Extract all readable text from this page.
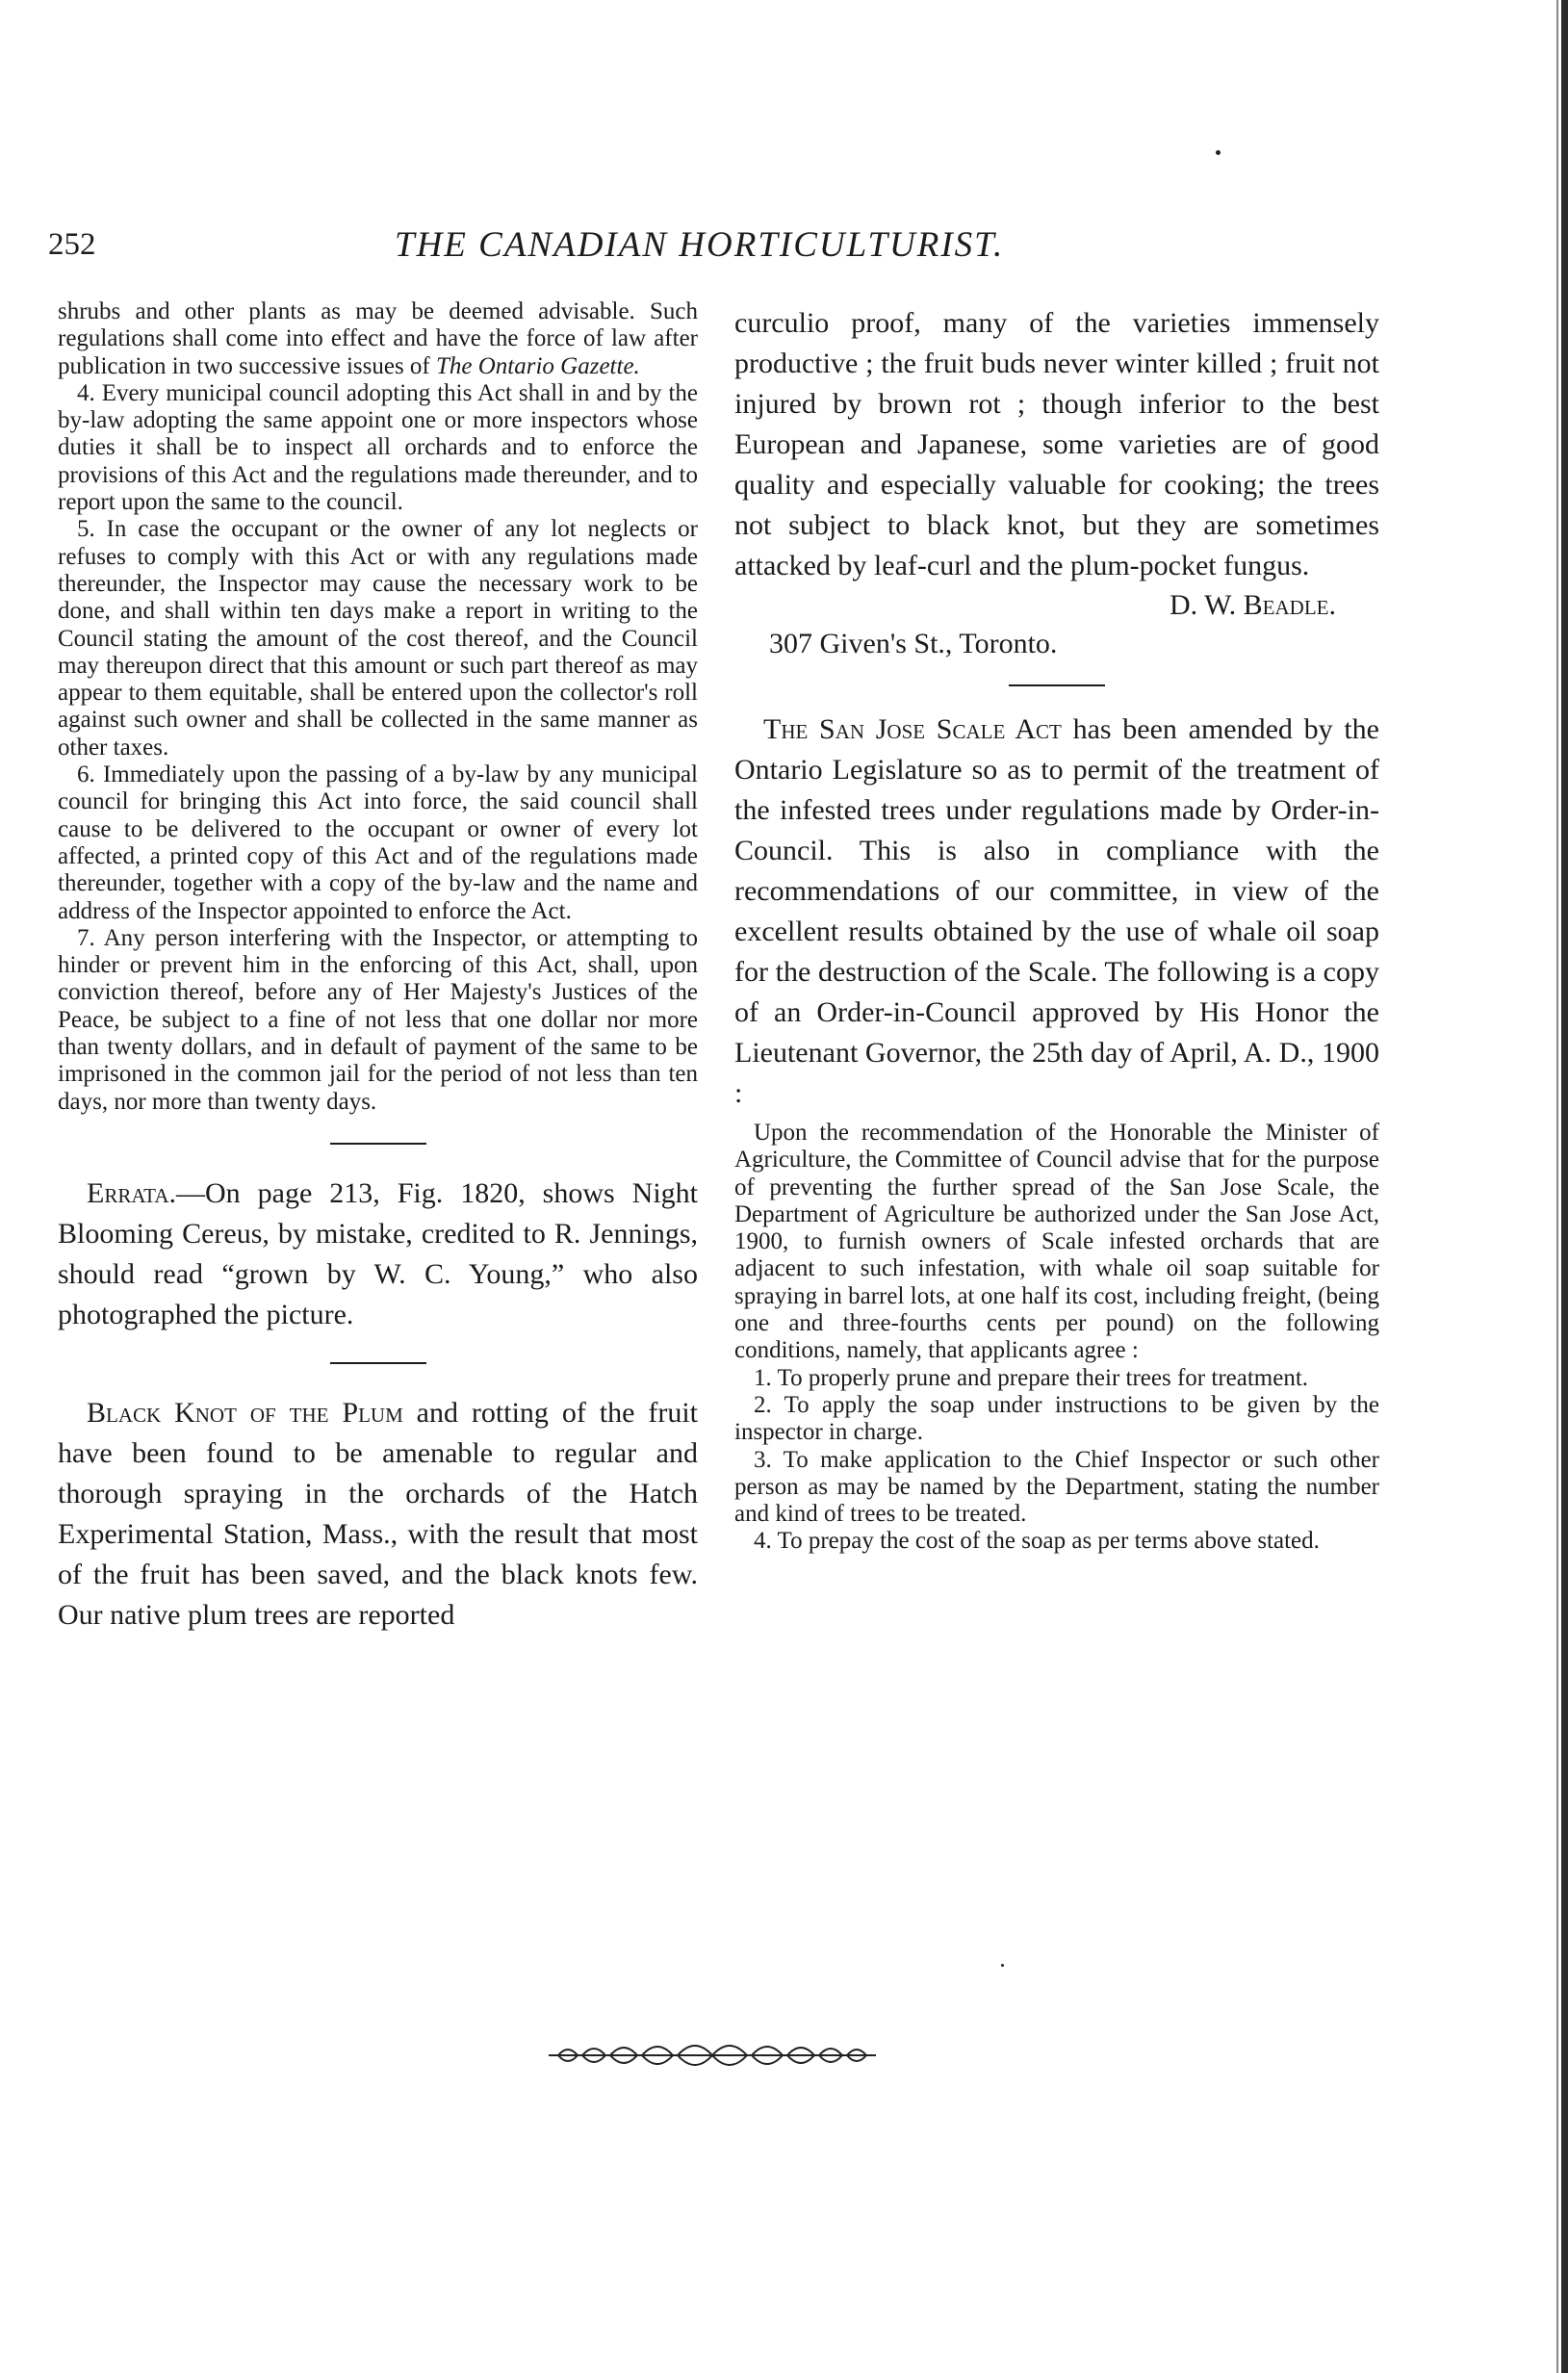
252	THE CANADIAN HORTICULTURIST.

shrubs and other plants as may be deemed advisable. Such regulations shall come into effect and have the force of law after publication in two successive issues of The Ontario Gazette.

4. Every municipal council adopting this Act shall in and by the by-law adopting the same appoint one or more inspectors whose duties it shall be to inspect all orchards and to enforce the provisions of this Act and the regulations made thereunder, and to report upon the same to the council.

5. In case the occupant or the owner of any lot neglects or refuses to comply with this Act or with any regulations made thereunder, the Inspector may cause the necessary work to be done, and shall within ten days make a report in writing to the Council stating the amount of the cost thereof, and the Council may thereupon direct that this amount or such part thereof as may appear to them equitable, shall be entered upon the collector's roll against such owner and shall be collected in the same manner as other taxes.

6. Immediately upon the passing of a by-law by any municipal council for bringing this Act into force, the said council shall cause to be delivered to the occupant or owner of every lot affected, a printed copy of this Act and of the regulations made thereunder, together with a copy of the by-law and the name and address of the Inspector appointed to enforce the Act.

7. Any person interfering with the Inspector, or attempting to hinder or prevent him in the enforcing of this Act, shall, upon conviction thereof, before any of Her Majesty's Justices of the Peace, be subject to a fine of not less that one dollar nor more than twenty dollars, and in default of payment of the same to be imprisoned in the common jail for the period of not less than ten days, nor more than twenty days.

Errata.—On page 213, Fig. 1820, shows Night Blooming Cereus, by mistake, credited to R. Jennings, should read “grown by W. C. Young,” who also photographed the picture.

Black Knot of the Plum and rotting of the fruit have been found to be amenable to regular and thorough spraying in the orchards of the Hatch Experimental Station, Mass., with the result that most of the fruit has been saved, and the black knots few. Our native plum trees are reported

curculio proof, many of the varieties immensely productive ; the fruit buds never winter killed ; fruit not injured by brown rot ; though inferior to the best European and Japanese, some varieties are of good quality and especially valuable for cooking; the trees not subject to black knot, but they are sometimes attacked by leaf-curl and the plum-pocket fungus.

D. W. Beadle.
307 Given's St., Toronto.

The San Jose Scale Act has been amended by the Ontario Legislature so as to permit of the treatment of the infested trees under regulations made by Order-in-Council. This is also in compliance with the recommendations of our committee, in view of the excellent results obtained by the use of whale oil soap for the destruction of the Scale. The following is a copy of an Order-in-Council approved by His Honor the Lieutenant Governor, the 25th day of April, A. D., 1900 :

Upon the recommendation of the Honorable the Minister of Agriculture, the Committee of Council advise that for the purpose of preventing the further spread of the San Jose Scale, the Department of Agriculture be authorized under the San Jose Act, 1900, to furnish owners of Scale infested orchards that are adjacent to such infestation, with whale oil soap suitable for spraying in barrel lots, at one half its cost, including freight, (being one and three-fourths cents per pound) on the following conditions, namely, that applicants agree :

1. To properly prune and prepare their trees for treatment.

2. To apply the soap under instructions to be given by the inspector in charge.

3. To make application to the Chief Inspector or such other person as may be named by the Department, stating the number and kind of trees to be treated.

4. To prepay the cost of the soap as per terms above stated.
